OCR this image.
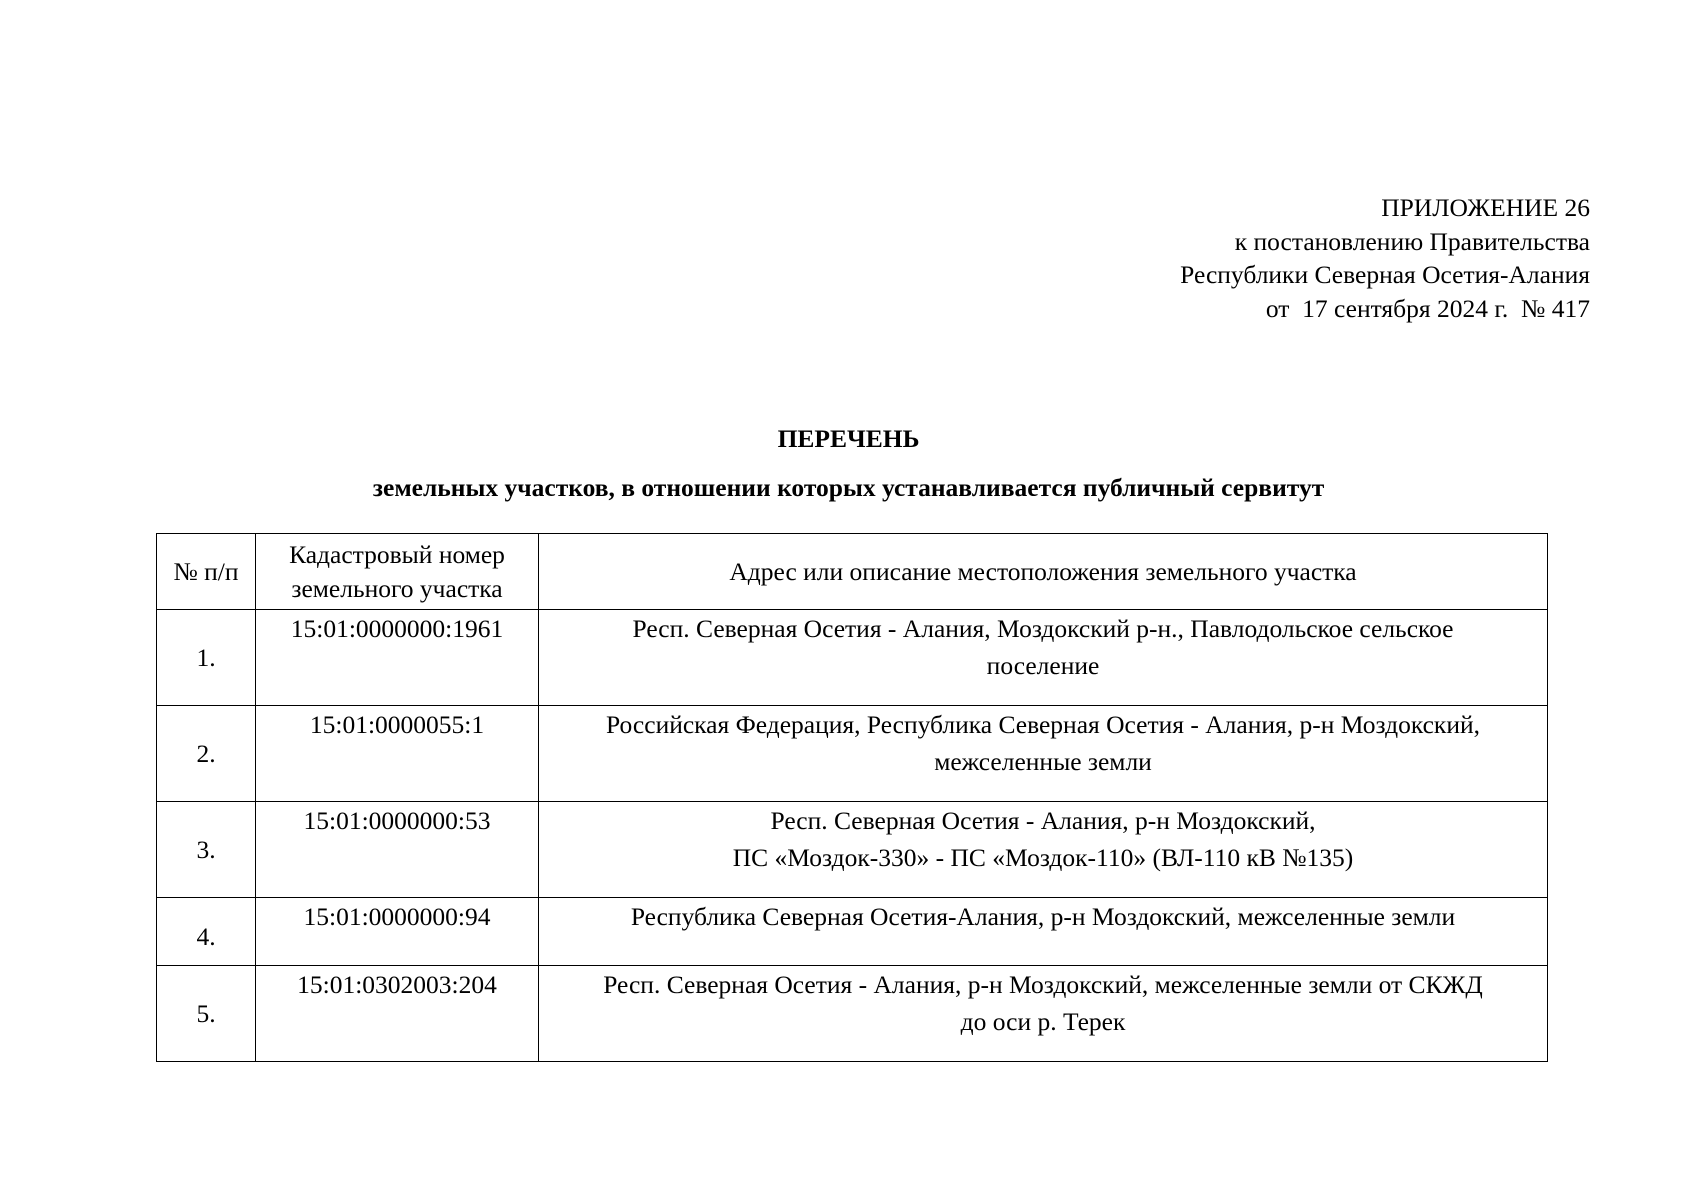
ПРИЛОЖЕНИЕ 26
к постановлению Правительства
Республики Северная Осетия-Алания
от  17 сентября 2024 г.  № 417
ПЕРЕЧЕНЬ
земельных участков, в отношении которых устанавливается публичный сервитут
№ п/п	Кадастровый номер земельного участка	Адрес или описание местоположения земельного участка
1.	15:01:0000000:1961	Респ. Северная Осетия - Алания, Моздокский р-н., Павлодольское сельское
поселение

2.	15:01:0000055:1	Российская Федерация, Республика Северная Осетия - Алания, р-н Моздокский,
межселенные земли

3.	15:01:0000000:53	Респ. Северная Осетия - Алания, р-н Моздокский,
ПС «Моздок-330» - ПС «Моздок-110» (ВЛ-110 кВ №135)

4.	15:01:0000000:94	Республика Северная Осетия-Алания, р-н Моздокский, межселенные земли

5.	15:01:0302003:204	Респ. Северная Осетия - Алания, р-н Моздокский, межселенные земли от СКЖД
до оси р. Терек
